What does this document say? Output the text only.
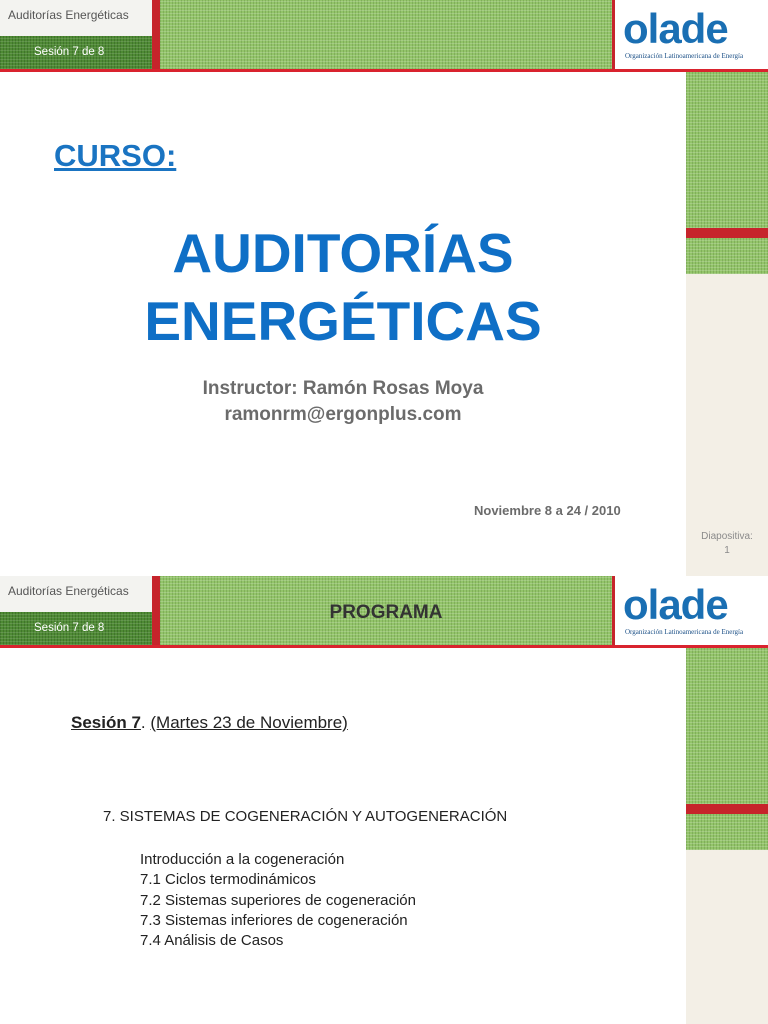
Auditorías Energéticas
Sesión 7 de 8	olade
Organización Latinoamericana de Energía
CURSO:
AUDITORÍAS
ENERGÉTICAS
Instructor: Ramón Rosas Moya
ramonrm@ergonplus.com
Noviembre 8 a 24 / 2010
Diapositiva:
1
Auditorías Energéticas
Sesión 7 de 8
PROGRAMA	olade
Organización Latinoamericana de Energía
Sesión 7. (Martes 23 de Noviembre)
7. SISTEMAS DE COGENERACIÓN Y AUTOGENERACIÓN
Introducción a la cogeneración
7.1 Ciclos termodinámicos
7.2 Sistemas superiores de cogeneración
7.3 Sistemas inferiores de cogeneración
7.4 Análisis de Casos
